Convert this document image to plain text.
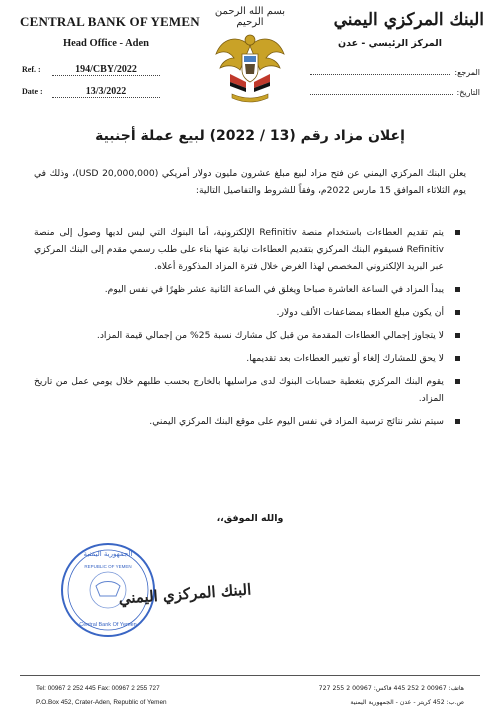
CENTRAL BANK OF YEMEN
Head Office - Aden
Ref. :	194/CBY/2022
Date :	13/3/2022
بسم الله الرحمن الرحيم	البنك المركزي اليمني
المركز الرئيسي - عدن
المرجع:
التاريخ:
إعلان مزاد رقم (13 / 2022) لبيع عملة أجنبية
يعلن البنك المركزي اليمني عن فتح مزاد لبيع مبلغ عشرون مليون دولار أمريكي (20,000,000 USD)، وذلك في يوم الثلاثاء الموافق 15 مارس 2022م، وفقاً للشروط والتفاصيل التالية:
يتم تقديم العطاءات باستخدام منصة Refinitiv الإلكترونية، أما البنوك التي ليس لديها وصول إلى منصة Refinitiv فسيقوم البنك المركزي بتقديم العطاءات نيابة عنها بناء على طلب رسمي مقدم إلى البنك المركزي عبر البريد الإلكتروني المخصص لهذا الغرض خلال فترة المزاد المذكورة أعلاه.
يبدأ المزاد في الساعة العاشرة صباحا ويغلق في الساعة الثانية عشر ظهرًا في نفس اليوم.
أن يكون مبلغ العطاء بمضاعفات الألف دولار.
لا يتجاوز إجمالي العطاءات المقدمة من قبل كل مشارك نسبة 25% من إجمالي قيمة المزاد.
لا يحق للمشارك إلغاء أو تغيير العطاءات بعد تقديمها.
يقوم البنك المركزي بتغطية حسابات البنوك لدى مراسليها بالخارج بحسب طلبهم خلال يومي عمل من تاريخ المزاد.
سيتم نشر نتائج ترسية المزاد في نفس اليوم على موقع البنك المركزي اليمني.
والله الموفق،،
الجمهورية اليمنية
REPUBLIC OF YEMEN
Central Bank Of Yemen
البنك المركزي اليمني
Tel: 00967 2 252 445 Fax: 00967 2 255 727
P.O.Box 452, Crater-Aden, Republic of Yemen
هاتف: 00967 2 252 445 فاكس: 00967 2 255 727
ص.ب: 452 كريتر - عدن - الجمهورية اليمنية
